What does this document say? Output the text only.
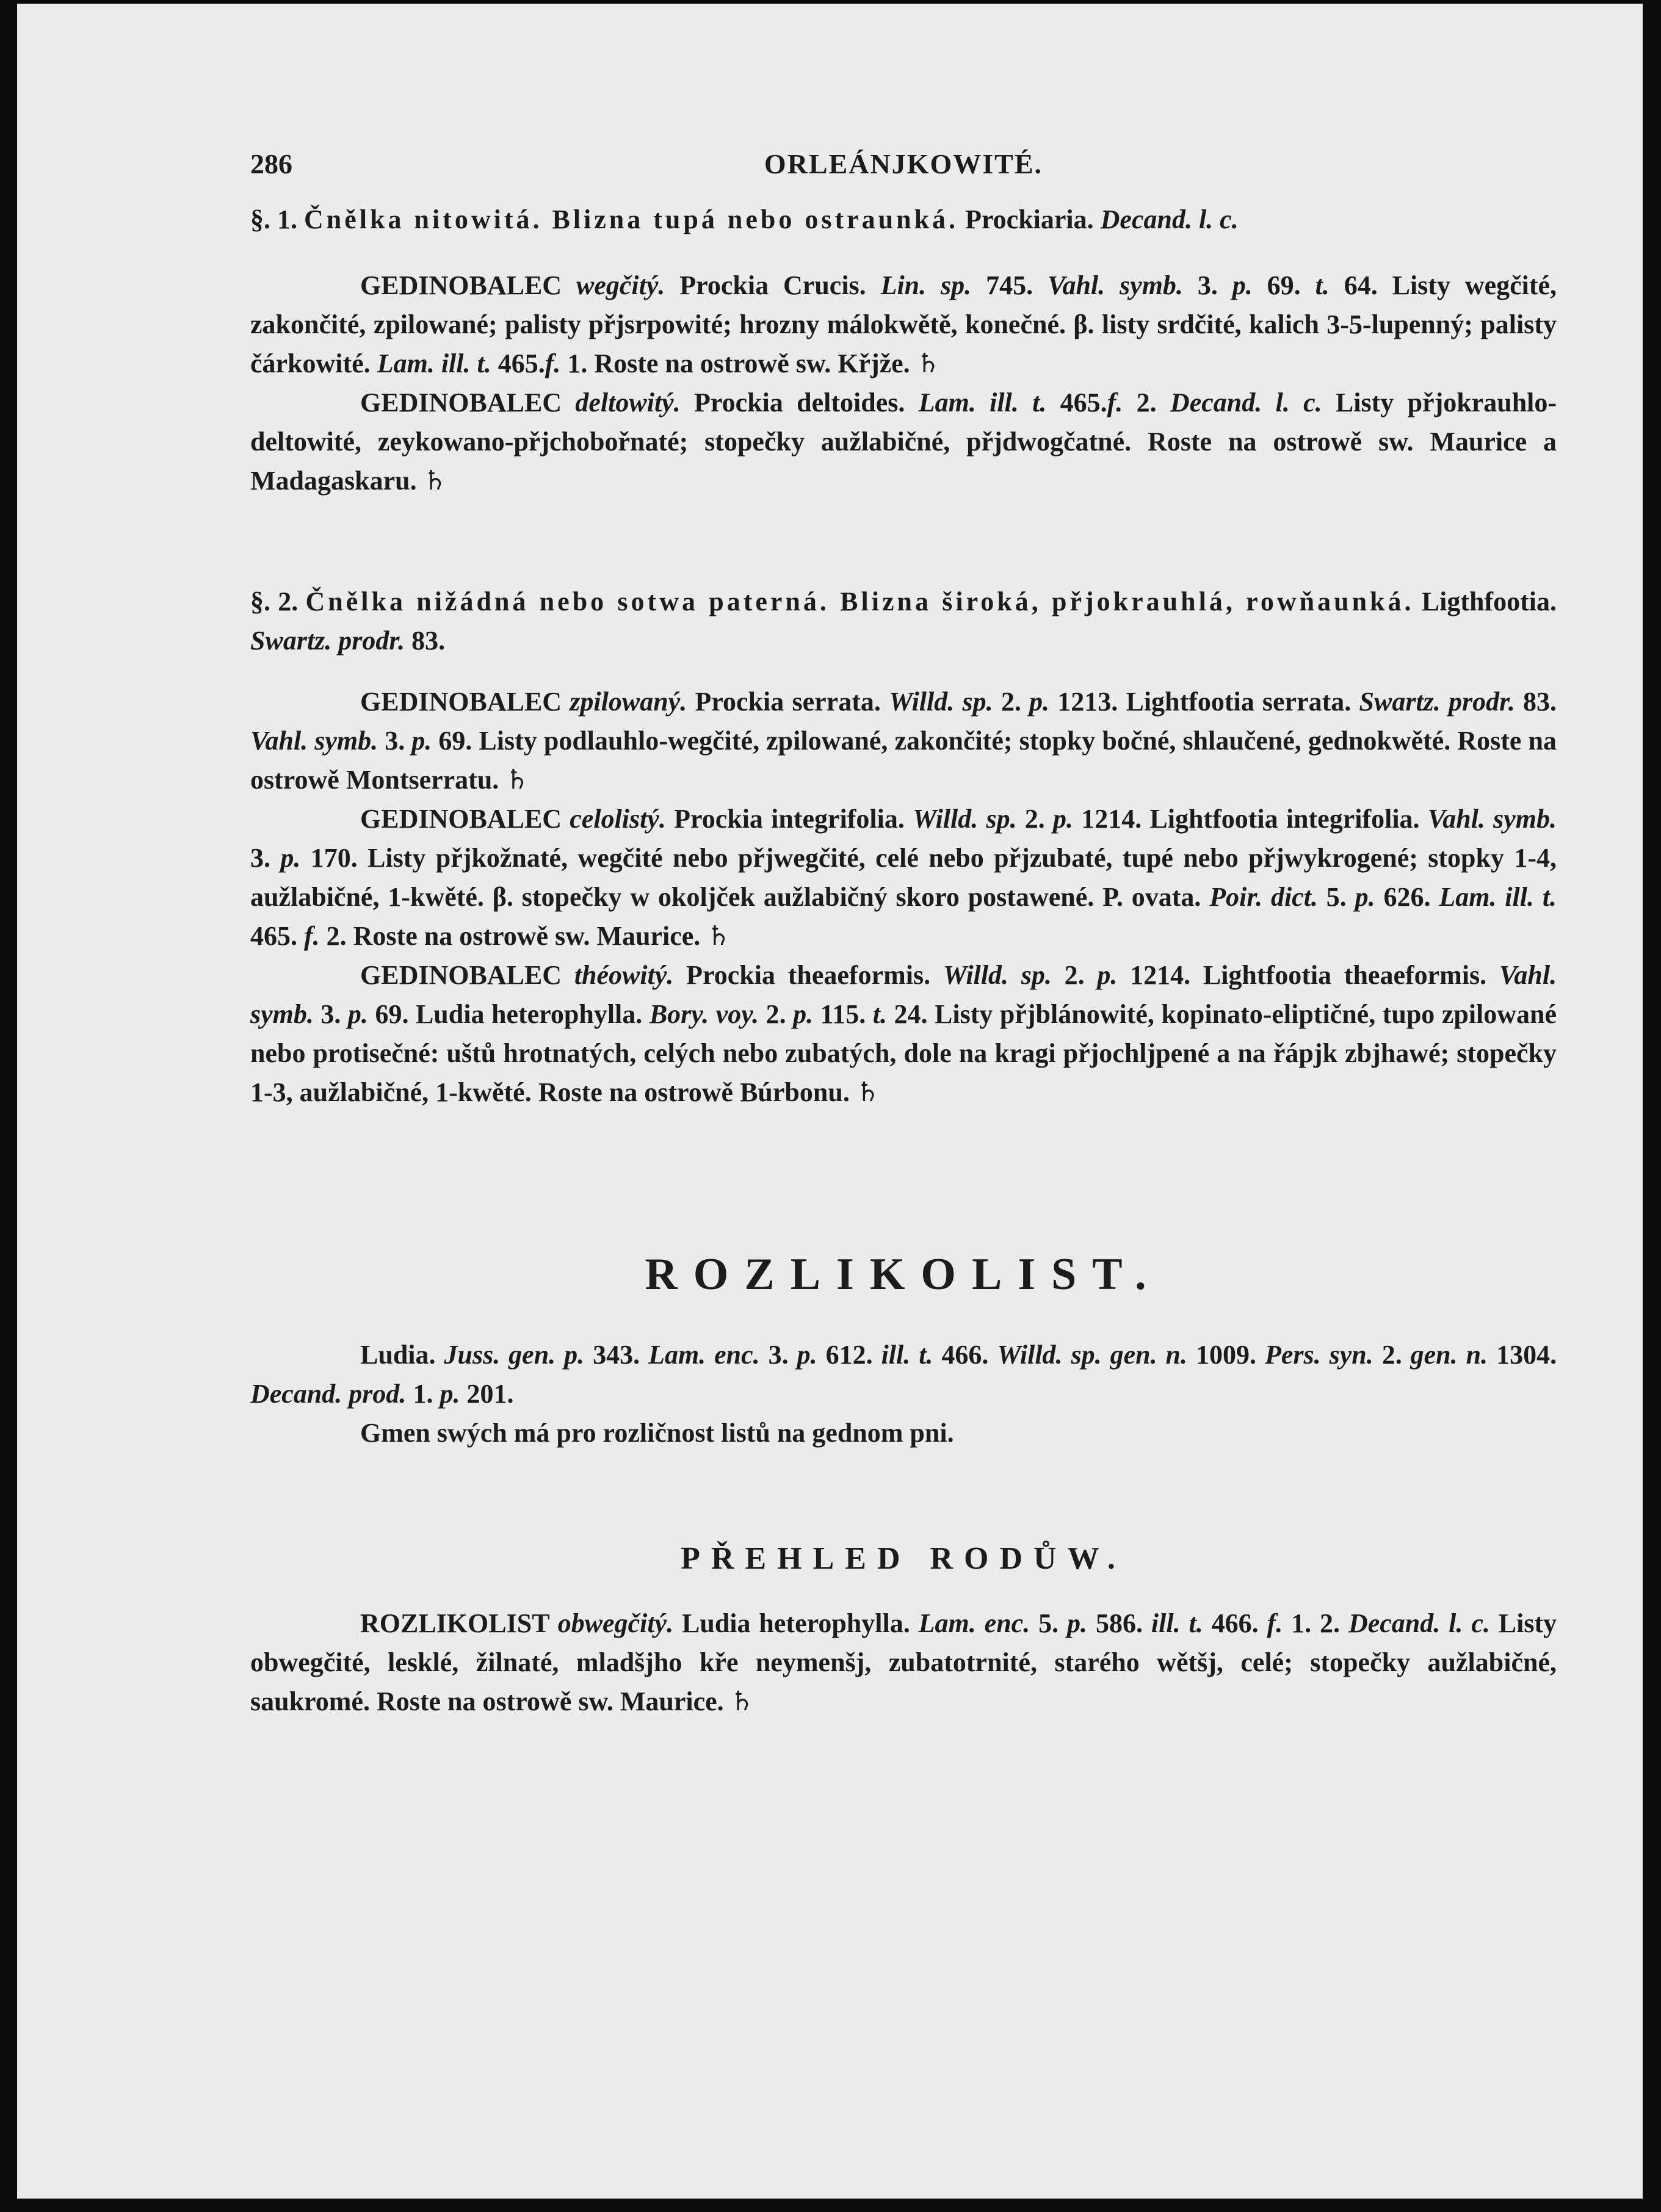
286	ORLEÁNJKOWITÉ.

§. 1. Čnělka nitowitá. Blizna tupá nebo ostraunká. Prockiaria. Decand. l. c.

GEDINOBALEC wegčitý. Prockia Crucis. Lin. sp. 745. Vahl. symb. 3. p. 69. t. 64. Listy wegčité, zakončité, zpilowané; palisty přjsrpowité; hrozny málokwětě, konečné. β. listy srdčité, kalich 3-5-lupenný; palisty čárkowité. Lam. ill. t. 465.f. 1. Roste na ostrowě sw. Křjže. ♄

GEDINOBALEC deltowitý. Prockia deltoides. Lam. ill. t. 465.f. 2. Decand. l. c. Listy přjokrauhlo-deltowité, zeykowano-přjchobořnaté; stopečky aužlabičné, přjdwogčatné. Roste na ostrowě sw. Maurice a Madagaskaru. ♄

§. 2. Čnělka nižádná nebo sotwa paterná. Blizna široká, přjokrauhlá, rowňaunká. Ligthfootia. Swartz. prodr. 83.

GEDINOBALEC zpilowaný. Prockia serrata. Willd. sp. 2. p. 1213. Lightfootia serrata. Swartz. prodr. 83. Vahl. symb. 3. p. 69. Listy podlauhlo-wegčité, zpilowané, zakončité; stopky bočné, shlaučené, gednokwěté. Roste na ostrowě Montserratu. ♄

GEDINOBALEC celolistý. Prockia integrifolia. Willd. sp. 2. p. 1214. Lightfootia integrifolia. Vahl. symb. 3. p. 170. Listy přjkožnaté, wegčité nebo přjwegčité, celé nebo přjzubaté, tupé nebo přjwykrogené; stopky 1-4, aužlabičné, 1-kwěté. β. stopečky w okoljček aužlabičný skoro postawené. P. ovata. Poir. dict. 5. p. 626. Lam. ill. t. 465. f. 2. Roste na ostrowě sw. Maurice. ♄

GEDINOBALEC théowitý. Prockia theaeformis. Willd. sp. 2. p. 1214. Lightfootia theaeformis. Vahl. symb. 3. p. 69. Ludia heterophylla. Bory. voy. 2. p. 115. t. 24. Listy přjblánowité, kopinato-eliptičné, tupo zpilowané nebo protisečné: uštů hrotnatých, celých nebo zubatých, dole na kragi přjochljpené a na řápjk zbjhawé; stopečky 1-3, aužlabičné, 1-kwěté. Roste na ostrowě Búrbonu. ♄

ROZLIKOLIST.

Ludia. Juss. gen. p. 343. Lam. enc. 3. p. 612. ill. t. 466. Willd. sp. gen. n. 1009. Pers. syn. 2. gen. n. 1304. Decand. prod. 1. p. 201.

Gmen swých má pro rozličnost listů na gednom pni.

PŘEHLED RODŮW.

ROZLIKOLIST obwegčitý. Ludia heterophylla. Lam. enc. 5. p. 586. ill. t. 466. f. 1. 2. Decand. l. c. Listy obwegčité, lesklé, žilnaté, mladšjho kře neymenšj, zubatotrnité, starého wětšj, celé; stopečky aužlabičné, saukromé. Roste na ostrowě sw. Maurice. ♄
